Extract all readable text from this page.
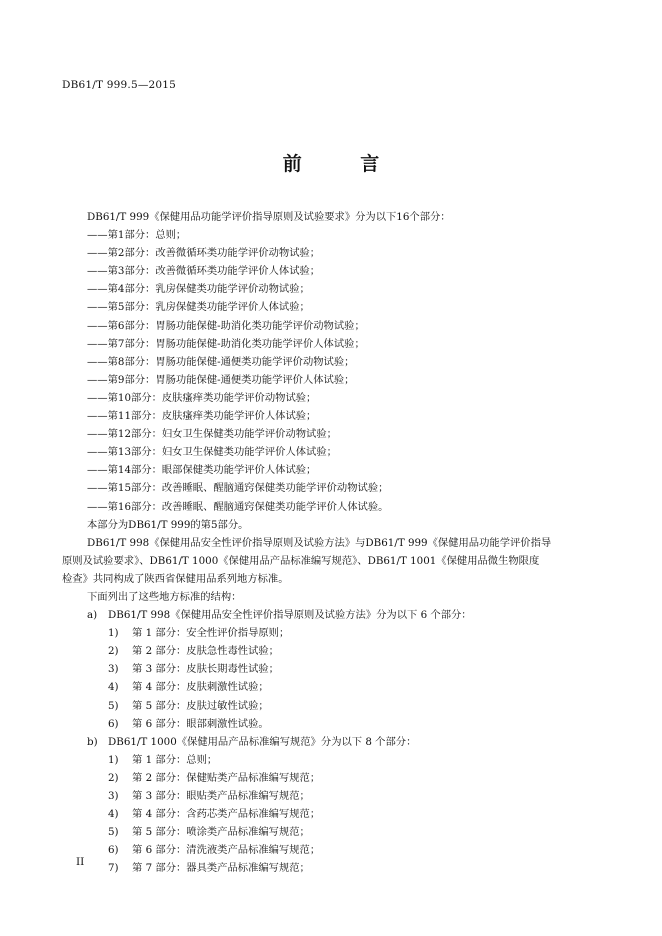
DB61/T 999.5—2015
前 言
DB61/T 999《保健用品功能学评价指导原则及试验要求》分为以下16个部分：
——第1部分：总则；
——第2部分：改善微循环类功能学评价动物试验；
——第3部分：改善微循环类功能学评价人体试验；
——第4部分：乳房保健类功能学评价动物试验；
——第5部分：乳房保健类功能学评价人体试验；
——第6部分：胃肠功能保健-助消化类功能学评价动物试验；
——第7部分：胃肠功能保健-助消化类功能学评价人体试验；
——第8部分：胃肠功能保健-通便类功能学评价动物试验；
——第9部分：胃肠功能保健-通便类功能学评价人体试验；
——第10部分：皮肤瘙痒类功能学评价动物试验；
——第11部分：皮肤瘙痒类功能学评价人体试验；
——第12部分：妇女卫生保健类功能学评价动物试验；
——第13部分：妇女卫生保健类功能学评价人体试验；
——第14部分：眼部保健类功能学评价人体试验；
——第15部分：改善睡眠、醒脑通窍保健类功能学评价动物试验；
——第16部分：改善睡眠、醒脑通窍保健类功能学评价人体试验。
本部分为DB61/T 999的第5部分。
DB61/T 998《保健用品安全性评价指导原则及试验方法》与DB61/T 999《保健用品功能学评价指导
原则及试验要求》、DB61/T 1000《保健用品产品标准编写规范》、DB61/T 1001《保健用品微生物限度
检查》共同构成了陕西省保健用品系列地方标准。
下面列出了这些地方标准的结构：
a) DB61/T 998《保健用品安全性评价指导原则及试验方法》分为以下 6 个部分：
1) 第 1 部分：安全性评价指导原则；
2) 第 2 部分：皮肤急性毒性试验；
3) 第 3 部分：皮肤长期毒性试验；
4) 第 4 部分：皮肤刺激性试验；
5) 第 5 部分：皮肤过敏性试验；
6) 第 6 部分：眼部刺激性试验。
b) DB61/T 1000《保健用品产品标准编写规范》分为以下 8 个部分：
1) 第 1 部分：总则；
2) 第 2 部分：保健贴类产品标准编写规范；
3) 第 3 部分：眼贴类产品标准编写规范；
4) 第 4 部分：含药芯类产品标准编写规范；
5) 第 5 部分：喷涂类产品标准编写规范；
6) 第 6 部分：清洗液类产品标准编写规范；
7) 第 7 部分：器具类产品标准编写规范；
II
